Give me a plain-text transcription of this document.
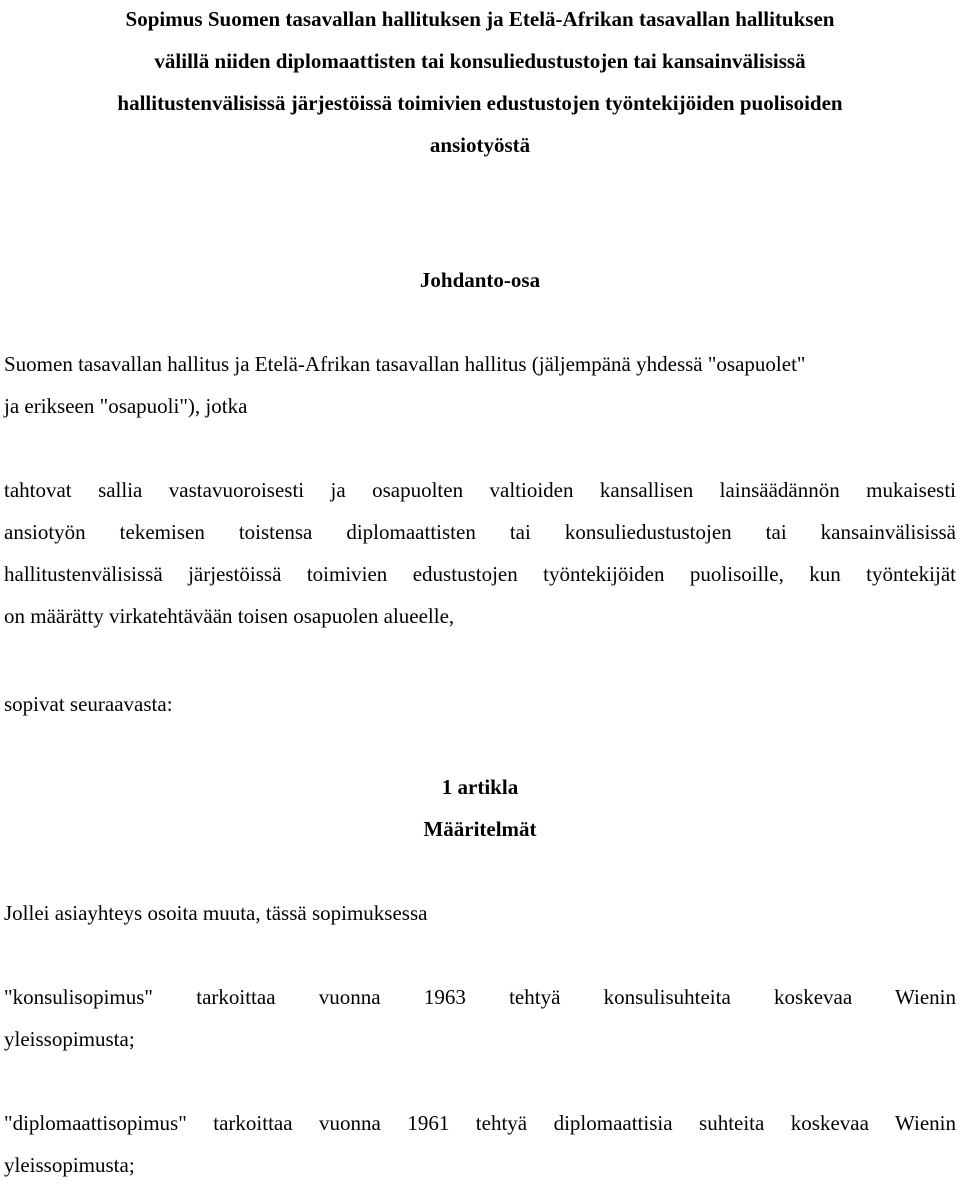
Sopimus Suomen tasavallan hallituksen ja Etelä-Afrikan tasavallan hallituksen
välillä niiden diplomaattisten tai konsuliedustustojen tai kansainvälisissä
hallitustenvälisissä järjestöissä toimivien edustustojen työntekijöiden puolisoiden
ansiotyöstä
Johdanto-osa
Suomen tasavallan hallitus ja Etelä-Afrikan tasavallan hallitus (jäljempänä yhdessä "osapuolet"
ja erikseen "osapuoli"), jotka
tahtovat sallia vastavuoroisesti ja osapuolten valtioiden kansallisen lainsäädännön mukaisesti
ansiotyön tekemisen toistensa diplomaattisten tai konsuliedustustojen tai kansainvälisissä
hallitustenvälisissä järjestöissä toimivien edustustojen työntekijöiden puolisoille, kun työntekijät
on määrätty virkatehtävään toisen osapuolen alueelle,
sopivat seuraavasta:
1 artikla
Määritelmät
Jollei asiayhteys osoita muuta, tässä sopimuksessa
"konsulisopimus" tarkoittaa vuonna 1963 tehtyä konsulisuhteita koskevaa Wienin
yleissopimusta;
"diplomaattisopimus" tarkoittaa vuonna 1961 tehtyä diplomaattisia suhteita koskevaa Wienin
yleissopimusta;
